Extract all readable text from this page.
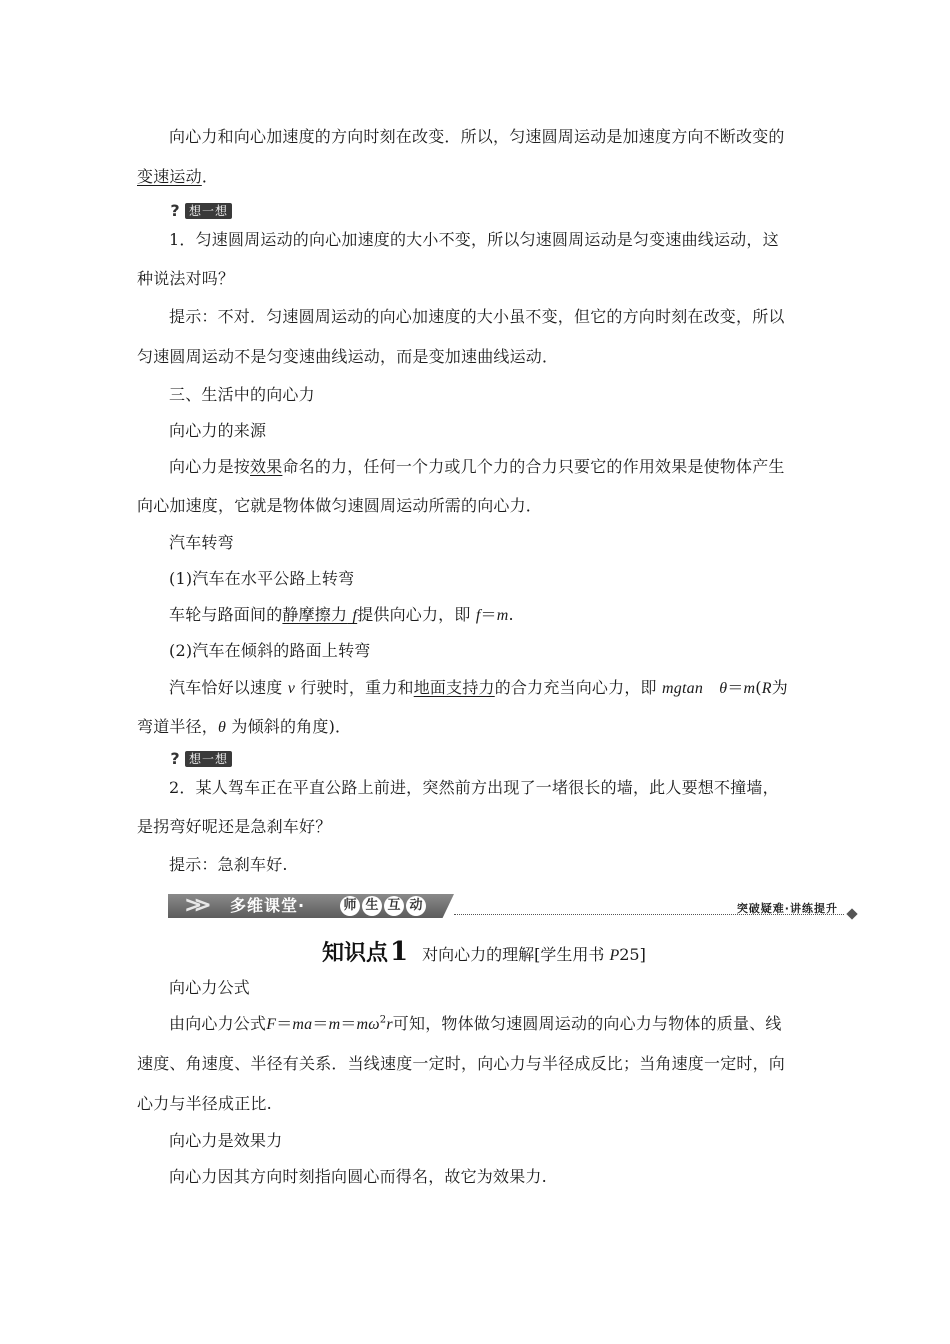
向心力和向心加速度的方向时刻在改变．所以，匀速圆周运动是加速度方向不断改变的
变速运动．
? 想一想
1．匀速圆周运动的向心加速度的大小不变，所以匀速圆周运动是匀变速曲线运动，这
种说法对吗？
提示：不对．匀速圆周运动的向心加速度的大小虽不变，但它的方向时刻在改变，所以
匀速圆周运动不是匀变速曲线运动，而是变加速曲线运动．
三、生活中的向心力
向心力的来源
向心力是按效果命名的力，任何一个力或几个力的合力只要它的作用效果是使物体产生
向心加速度，它就是物体做匀速圆周运动所需的向心力．
汽车转弯
(1)汽车在水平公路上转弯
车轮与路面间的静摩擦力 f提供向心力，即 f＝m.
(2)汽车在倾斜的路面上转弯
汽车恰好以速度 v 行驶时，重力和地面支持力的合力充当向心力，即 mgtan　θ＝m(R为
弯道半径，θ 为倾斜的角度)．
? 想一想
2．某人驾车正在平直公路上前进，突然前方出现了一堵很长的墙，此人要想不撞墙，
是拐弯好呢还是急刹车好？
提示：急刹车好.
>> 多维课堂·	师 生 互 动	突破疑难·讲练提升
知识点 1 对向心力的理解[学生用书 P25]
向心力公式
由向心力公式$F=ma=m=m\omega^2r$可知，物体做匀速圆周运动的向心力与物体的质量、线
速度、角速度、半径有关系．当线速度一定时，向心力与半径成反比；当角速度一定时，向
心力与半径成正比.
向心力是效果力
向心力因其方向时刻指向圆心而得名，故它为效果力.
